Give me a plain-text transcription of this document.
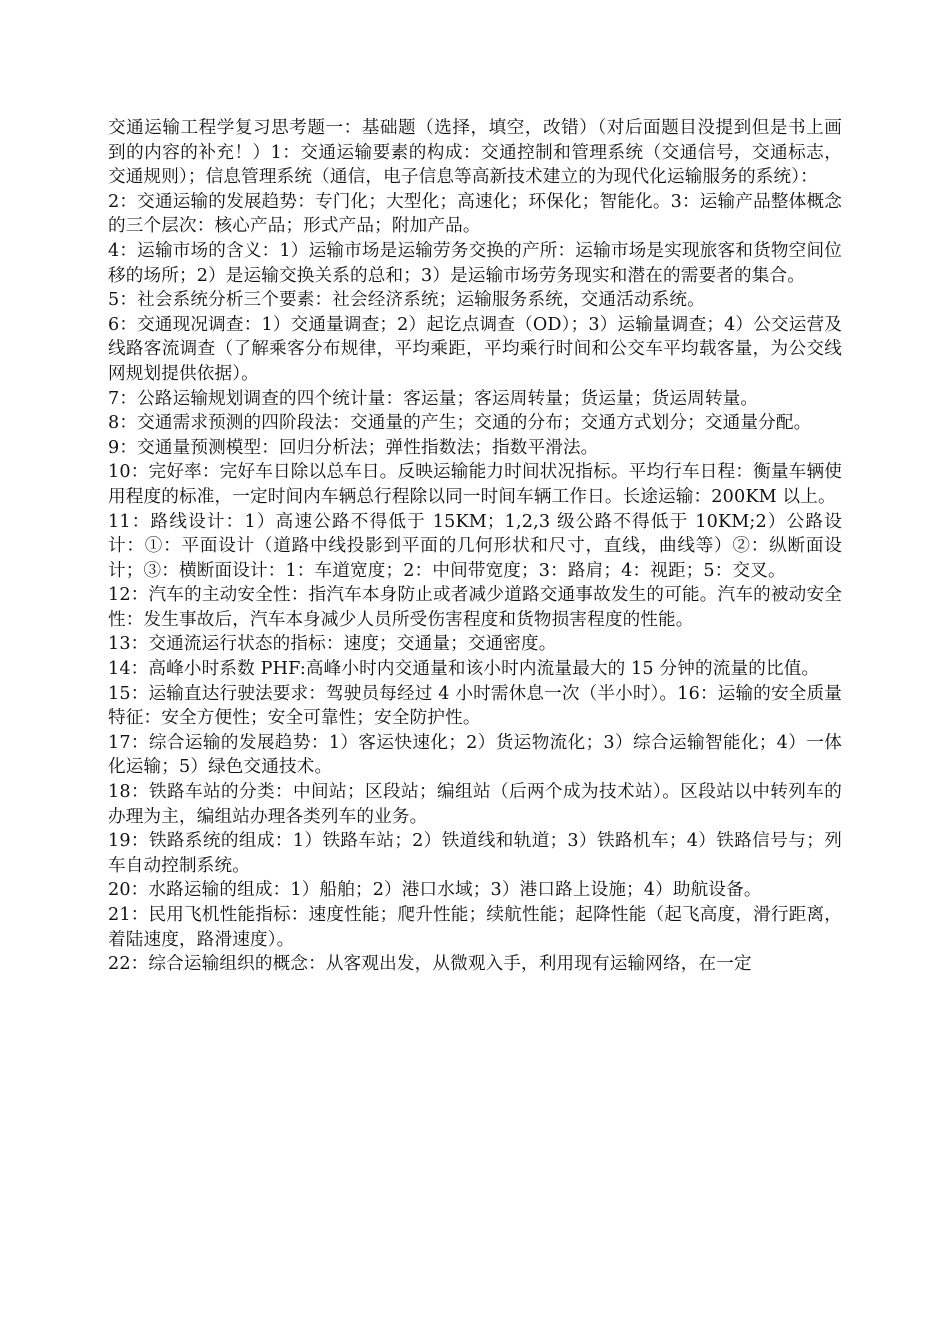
交通运输工程学复习思考题一：基础题（选择，填空，改错）（对后面题目没提到但是书上画到的内容的补充！）1：交通运输要素的构成：交通控制和管理系统（交通信号，交通标志，交通规则）；信息管理系统（通信，电子信息等高新技术建立的为现代化运输服务的系统）：

2：交通运输的发展趋势：专门化；大型化；高速化；环保化；智能化。3：运输产品整体概念的三个层次：核心产品；形式产品；附加产品。

4：运输市场的含义：1）运输市场是运输劳务交换的产所：运输市场是实现旅客和货物空间位移的场所；2）是运输交换关系的总和；3）是运输市场劳务现实和潜在的需要者的集合。

5：社会系统分析三个要素：社会经济系统；运输服务系统，交通活动系统。

6：交通现况调查：1）交通量调查；2）起讫点调查（OD）；3）运输量调查；4）公交运营及线路客流调查（了解乘客分布规律，平均乘距，平均乘行时间和公交车平均载客量，为公交线网规划提供依据）。

7：公路运输规划调查的四个统计量：客运量；客运周转量；货运量；货运周转量。

8：交通需求预测的四阶段法：交通量的产生；交通的分布；交通方式划分；交通量分配。

9：交通量预测模型：回归分析法；弹性指数法；指数平滑法。

10：完好率：完好车日除以总车日。反映运输能力时间状况指标。平均行车日程：衡量车辆使用程度的标准，一定时间内车辆总行程除以同一时间车辆工作日。长途运输：200KM 以上。

11：路线设计：1）高速公路不得低于 15KM；1,2,3 级公路不得低于 10KM;2）公路设计：①：平面设计（道路中线投影到平面的几何形状和尺寸，直线，曲线等）②：纵断面设计；③：横断面设计：1：车道宽度；2：中间带宽度；3：路肩；4：视距；5：交叉。

12：汽车的主动安全性：指汽车本身防止或者减少道路交通事故发生的可能。汽车的被动安全性：发生事故后，汽车本身减少人员所受伤害程度和货物损害程度的性能。

13：交通流运行状态的指标：速度；交通量；交通密度。

14：高峰小时系数 PHF:高峰小时内交通量和该小时内流量最大的 15 分钟的流量的比值。

15：运输直达行驶法要求：驾驶员每经过 4 小时需休息一次（半小时）。16：运输的安全质量特征：安全方便性；安全可靠性；安全防护性。

17：综合运输的发展趋势：1）客运快速化；2）货运物流化；3）综合运输智能化；4）一体化运输；5）绿色交通技术。

18：铁路车站的分类：中间站；区段站；编组站（后两个成为技术站）。区段站以中转列车的办理为主，编组站办理各类列车的业务。

19：铁路系统的组成：1）铁路车站；2）铁道线和轨道；3）铁路机车；4）铁路信号与；列车自动控制系统。

20：水路运输的组成：1）船舶；2）港口水域；3）港口路上设施；4）助航设备。

21：民用飞机性能指标：速度性能；爬升性能；续航性能；起降性能（起飞高度，滑行距离，着陆速度，路滑速度）。

22：综合运输组织的概念：从客观出发，从微观入手，利用现有运输网络，在一定
